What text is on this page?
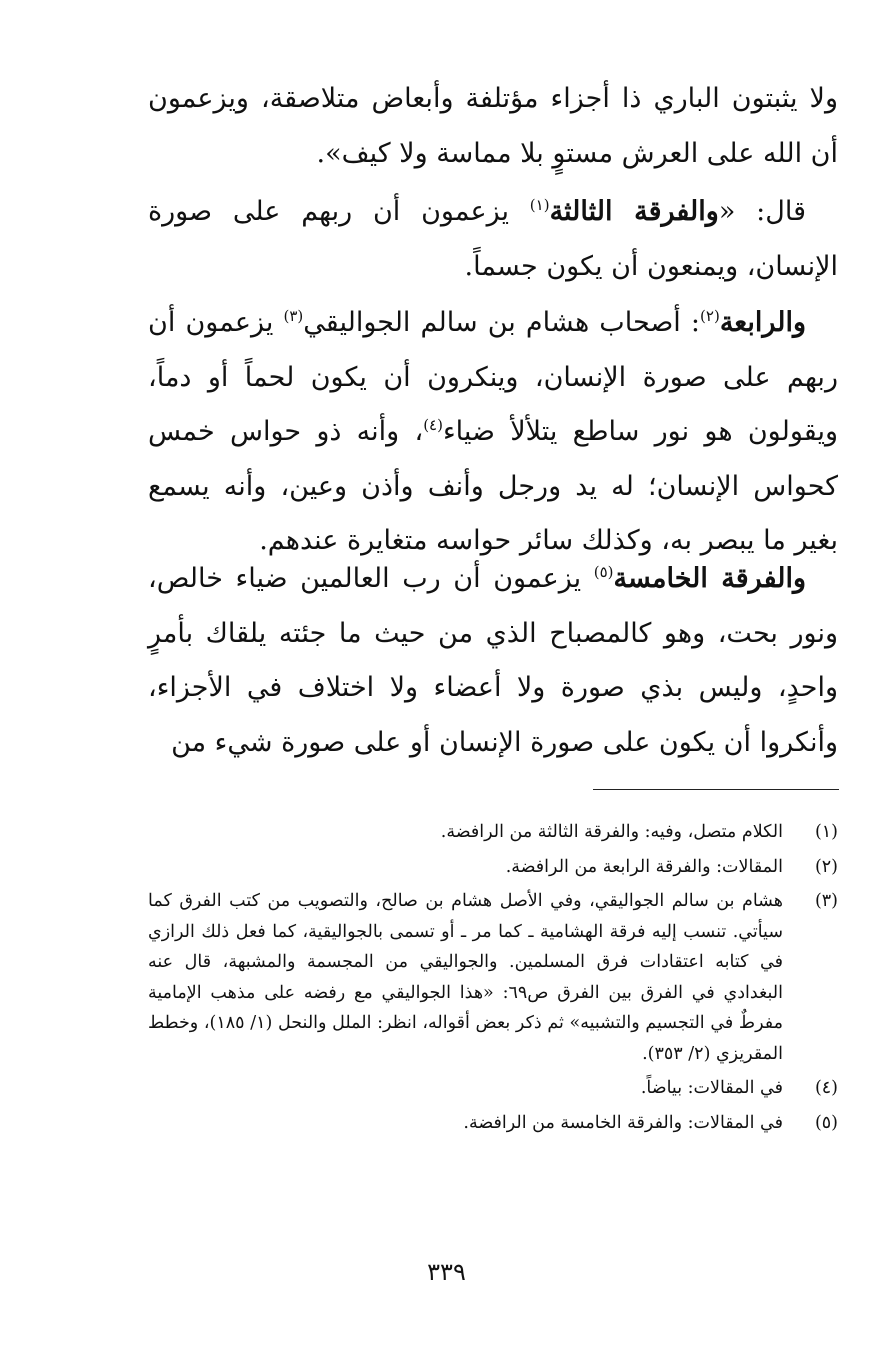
ولا يثبتون الباري ذا أجزاء مؤتلفة وأبعاض متلاصقة، ويزعمون أن الله على العرش مستوٍ بلا مماسة ولا كيف».

قال: «والفرقة الثالثة$^{(١)}$ يزعمون أن ربهم على صورة الإنسان، ويمنعون أن يكون جسماً.

والرابعة$^{(٢)}$: أصحاب هشام بن سالم الجواليقي$^{(٣)}$ يزعمون أن ربهم على صورة الإنسان، وينكرون أن يكون لحماً أو دماً، ويقولون هو نور ساطع يتلألأ ضياء$^{(٤)}$، وأنه ذو حواس خمس كحواس الإنسان؛ له يد ورجل وأنف وأذن وعين، وأنه يسمع بغير ما يبصر به، وكذلك سائر حواسه متغايرة عندهم.

والفرقة الخامسة$^{(٥)}$ يزعمون أن رب العالمين ضياء خالص، ونور بحت، وهو كالمصباح الذي من حيث ما جئته يلقاك بأمرٍ واحدٍ، وليس بذي صورة ولا أعضاء ولا اختلاف في الأجزاء، وأنكروا أن يكون على صورة الإنسان أو على صورة شيء من

(١)
الكلام متصل، وفيه: والفرقة الثالثة من الرافضة.
(٢)
المقالات: والفرقة الرابعة من الرافضة.
(٣)
هشام بن سالم الجواليقي، وفي الأصل هشام بن صالح، والتصويب من كتب الفرق كما سيأتي. تنسب إليه فرقة الهشامية ـ كما مر ـ أو تسمى بالجواليقية، كما فعل ذلك الرازي في كتابه اعتقادات فرق المسلمين. والجواليقي من المجسمة والمشبهة، قال عنه البغدادي في الفرق بين الفرق ص٦٩: «هذا الجواليقي مع رفضه على مذهب الإمامية مفرطٌ في التجسيم والتشبيه» ثم ذكر بعض أقواله، انظر: الملل والنحل (١/ ١٨٥)، وخطط المقريزي (٢/ ٣٥٣).
(٤)
في المقالات: بياضاً.
(٥)
في المقالات: والفرقة الخامسة من الرافضة.
٣٣٩
